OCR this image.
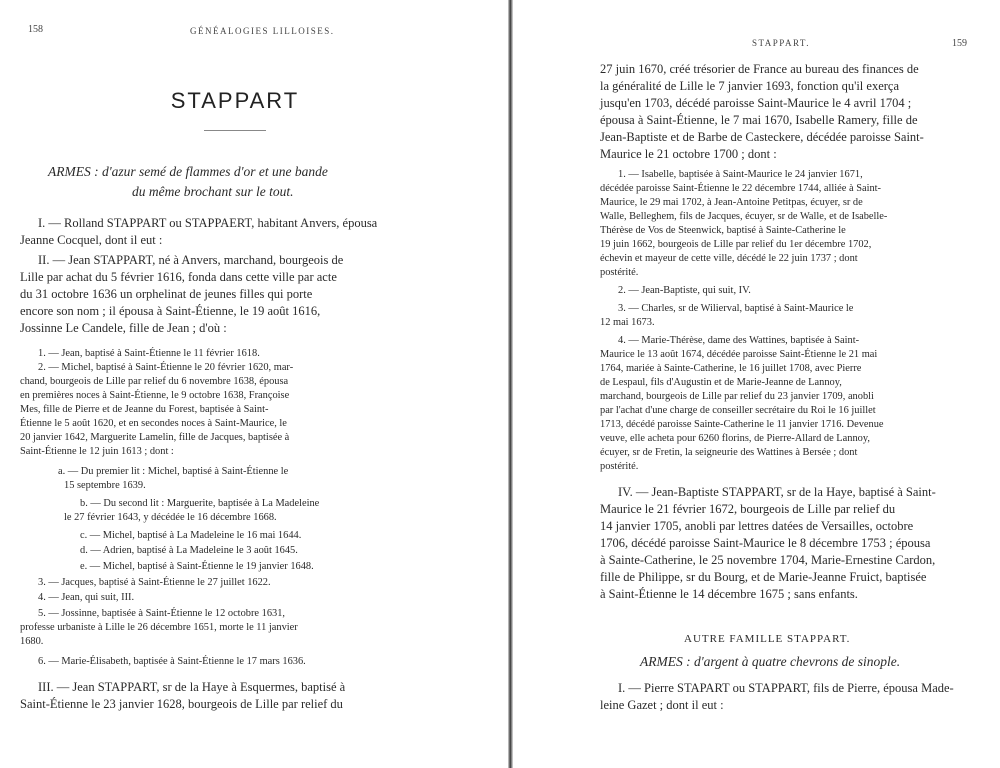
158	GÉNÉALOGIES LILLOISES.
STAPPART
ARMES : d'azur semé de flammes d'or et une bande
du même brochant sur le tout.
I. — Rolland STAPPART ou STAPPAERT, habitant Anvers, épousa
Jeanne Cocquel, dont il eut :
II. — Jean STAPPART, né à Anvers, marchand, bourgeois de
Lille par achat du 5 février 1616, fonda dans cette ville par acte
du 31 octobre 1636 un orphelinat de jeunes filles qui porte
encore son nom ; il épousa à Saint-Étienne, le 19 août 1616,
Jossinne Le Candele, fille de Jean ; d'où :
1. — Jean, baptisé à Saint-Étienne le 11 février 1618.
2. — Michel, baptisé à Saint-Étienne le 20 février 1620, mar-
chand, bourgeois de Lille par relief du 6 novembre 1638, épousa
en premières noces à Saint-Étienne, le 9 octobre 1638, Françoise
Mes, fille de Pierre et de Jeanne du Forest, baptisée à Saint-
Étienne le 5 août 1620, et en secondes noces à Saint-Maurice, le
20 janvier 1642, Marguerite Lamelin, fille de Jacques, baptisée à
Saint-Étienne le 12 juin 1613 ; dont :
a. — Du premier lit : Michel, baptisé à Saint-Étienne le
15 septembre 1639.
b. — Du second lit : Marguerite, baptisée à La Madeleine
le 27 février 1643, y décédée le 16 décembre 1668.
c. — Michel, baptisé à La Madeleine le 16 mai 1644.
d. — Adrien, baptisé à La Madeleine le 3 août 1645.
e. — Michel, baptisé à Saint-Étienne le 19 janvier 1648.
3. — Jacques, baptisé à Saint-Étienne le 27 juillet 1622.
4. — Jean, qui suit, III.
5. — Jossinne, baptisée à Saint-Étienne le 12 octobre 1631,
professe urbaniste à Lille le 26 décembre 1651, morte le 11 janvier
1680.
6. — Marie-Élisabeth, baptisée à Saint-Étienne le 17 mars 1636.
III. — Jean STAPPART, sr de la Haye à Esquermes, baptisé à
Saint-Étienne le 23 janvier 1628, bourgeois de Lille par relief du
STAPPART.	159
27 juin 1670, créé trésorier de France au bureau des finances de
la généralité de Lille le 7 janvier 1693, fonction qu'il exerça
jusqu'en 1703, décédé paroisse Saint-Maurice le 4 avril 1704 ;
épousa à Saint-Étienne, le 7 mai 1670, Isabelle Ramery, fille de
Jean-Baptiste et de Barbe de Casteckere, décédée paroisse Saint-
Maurice le 21 octobre 1700 ; dont :
1. — Isabelle, baptisée à Saint-Maurice le 24 janvier 1671,
décédée paroisse Saint-Étienne le 22 décembre 1744, alliée à Saint-
Maurice, le 29 mai 1702, à Jean-Antoine Petitpas, écuyer, sr de
Walle, Belleghem, fils de Jacques, écuyer, sr de Walle, et de Isabelle-
Thérèse de Vos de Steenwick, baptisé à Sainte-Catherine le
19 juin 1662, bourgeois de Lille par relief du 1er décembre 1702,
échevin et mayeur de cette ville, décédé le 22 juin 1737 ; dont
postérité.
2. — Jean-Baptiste, qui suit, IV.
3. — Charles, sr de Wilierval, baptisé à Saint-Maurice le
12 mai 1673.
4. — Marie-Thérèse, dame des Wattines, baptisée à Saint-
Maurice le 13 août 1674, décédée paroisse Saint-Étienne le 21 mai
1764, mariée à Sainte-Catherine, le 16 juillet 1708, avec Pierre
de Lespaul, fils d'Augustin et de Marie-Jeanne de Lannoy,
marchand, bourgeois de Lille par relief du 23 janvier 1709, anobli
par l'achat d'une charge de conseiller secrétaire du Roi le 16 juillet
1713, décédé paroisse Sainte-Catherine le 11 janvier 1716. Devenue
veuve, elle acheta pour 6260 florins, de Pierre-Allard de Lannoy,
écuyer, sr de Fretin, la seigneurie des Wattines à Bersée ; dont
postérité.
IV. — Jean-Baptiste STAPPART, sr de la Haye, baptisé à Saint-
Maurice le 21 février 1672, bourgeois de Lille par relief du
14 janvier 1705, anobli par lettres datées de Versailles, octobre
1706, décédé paroisse Saint-Maurice le 8 décembre 1753 ; épousa
à Sainte-Catherine, le 25 novembre 1704, Marie-Ernestine Cardon,
fille de Philippe, sr du Bourg, et de Marie-Jeanne Fruict, baptisée
à Saint-Étienne le 14 décembre 1675 ; sans enfants.
AUTRE FAMILLE STAPPART.
ARMES : d'argent à quatre chevrons de sinople.
I. — Pierre STAPART ou STAPPART, fils de Pierre, épousa Made-
leine Gazet ; dont il eut :
